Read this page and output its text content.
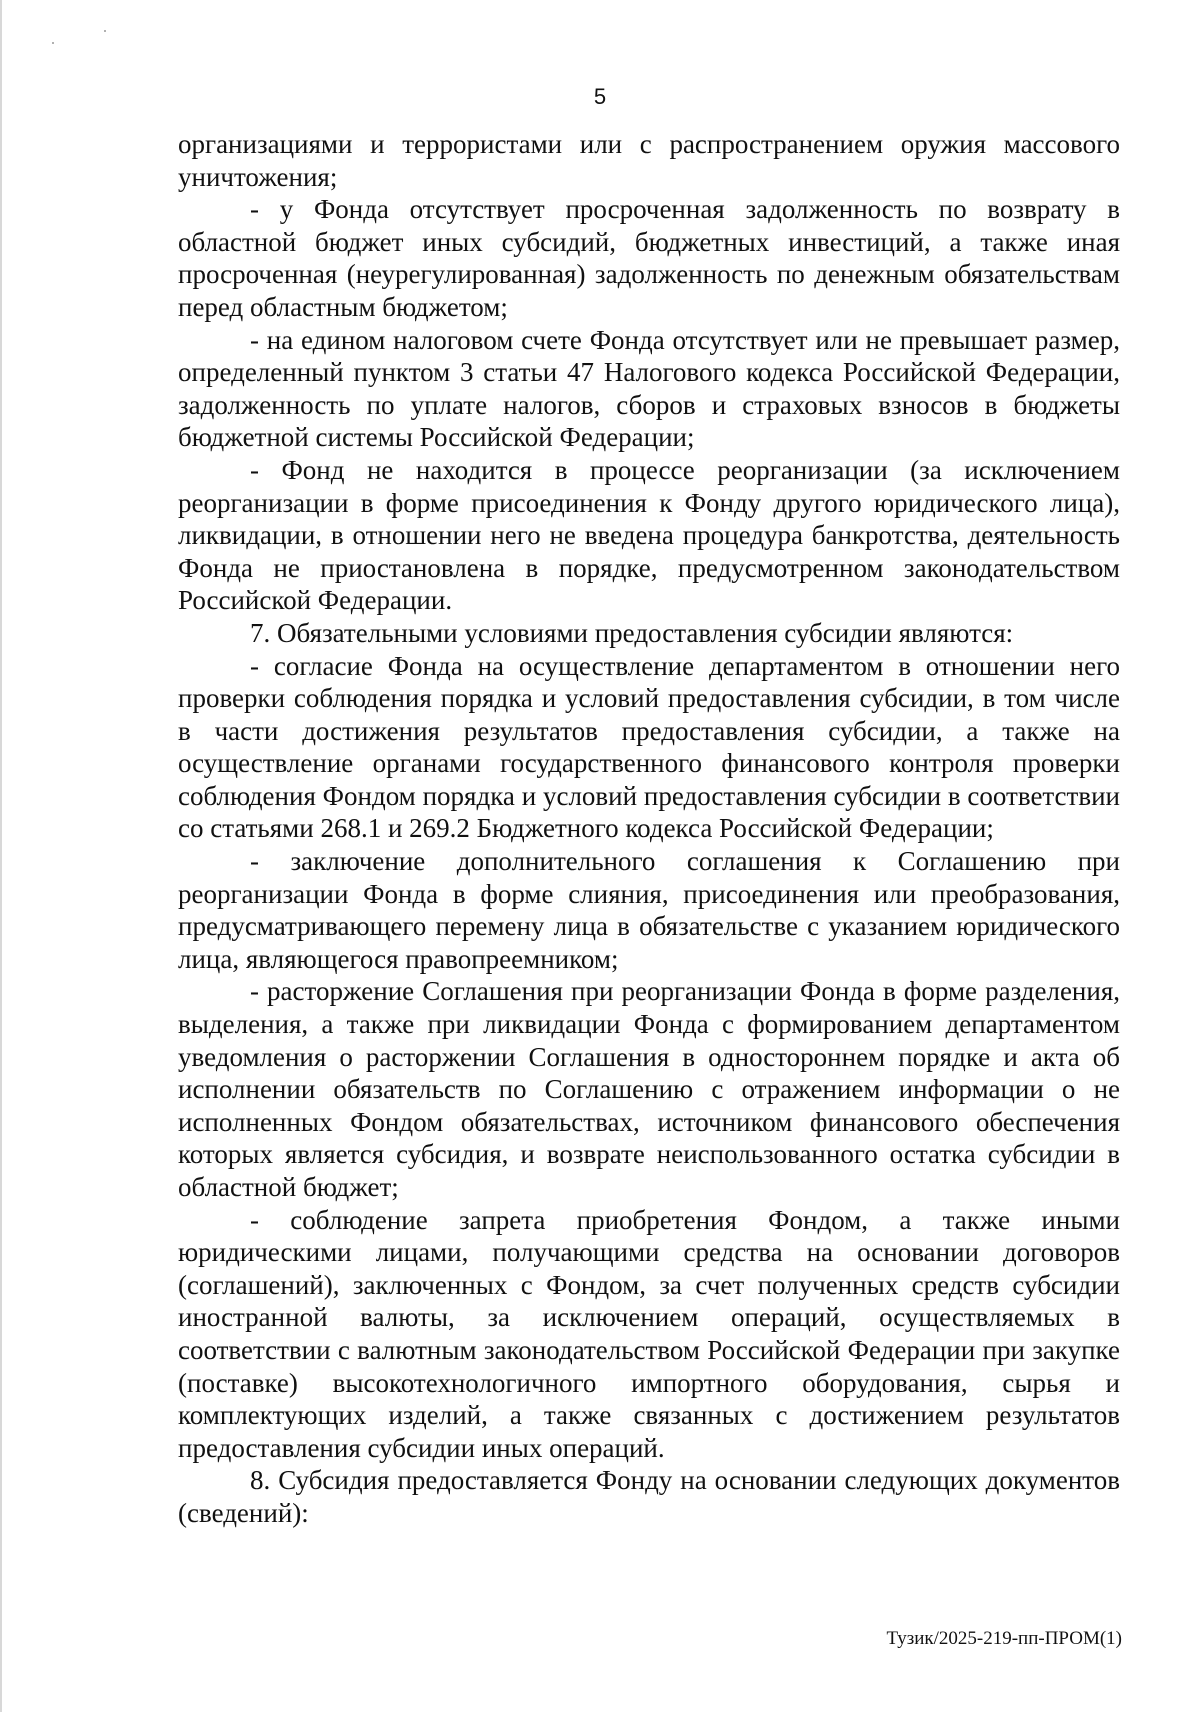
5

организациями и террористами или с распространением оружия массового уничтожения;

- у Фонда отсутствует просроченная задолженность по возврату в областной бюджет иных субсидий, бюджетных инвестиций, а также иная просроченная (неурегулированная) задолженность по денежным обязательствам перед областным бюджетом;

- на едином налоговом счете Фонда отсутствует или не превышает размер, определенный пунктом 3 статьи 47 Налогового кодекса Российской Федерации, задолженность по уплате налогов, сборов и страховых взносов в бюджеты бюджетной системы Российской Федерации;

- Фонд не находится в процессе реорганизации (за исключением реорганизации в форме присоединения к Фонду другого юридического лица), ликвидации, в отношении него не введена процедура банкротства, деятельность Фонда не приостановлена в порядке, предусмотренном законодательством Российской Федерации.

7. Обязательными условиями предоставления субсидии являются:

- согласие Фонда на осуществление департаментом в отношении него проверки соблюдения порядка и условий предоставления субсидии, в том числе в части достижения результатов предоставления субсидии, а также на осуществление органами государственного финансового контроля проверки соблюдения Фондом порядка и условий предоставления субсидии в соответствии со статьями 268.1 и 269.2 Бюджетного кодекса Российской Федерации;

- заключение дополнительного соглашения к Соглашению при реорганизации Фонда в форме слияния, присоединения или преобразования, предусматривающего перемену лица в обязательстве с указанием юридического лица, являющегося правопреемником;

- расторжение Соглашения при реорганизации Фонда в форме разделения, выделения, а также при ликвидации Фонда с формированием департаментом уведомления о расторжении Соглашения в одностороннем порядке и акта об исполнении обязательств по Соглашению с отражением информации о не исполненных Фондом обязательствах, источником финансового обеспечения которых является субсидия, и возврате неиспользованного остатка субсидии в областной бюджет;

- соблюдение запрета приобретения Фондом, а также иными юридическими лицами, получающими средства на основании договоров (соглашений), заключенных с Фондом, за счет полученных средств субсидии иностранной валюты, за исключением операций, осуществляемых в соответствии с валютным законодательством Российской Федерации при закупке (поставке) высокотехнологичного импортного оборудования, сырья и комплектующих изделий, а также связанных с достижением результатов предоставления субсидии иных операций.

8. Субсидия предоставляется Фонду на основании следующих документов (сведений):

Тузик/2025-219-пп-ПРОМ(1)
